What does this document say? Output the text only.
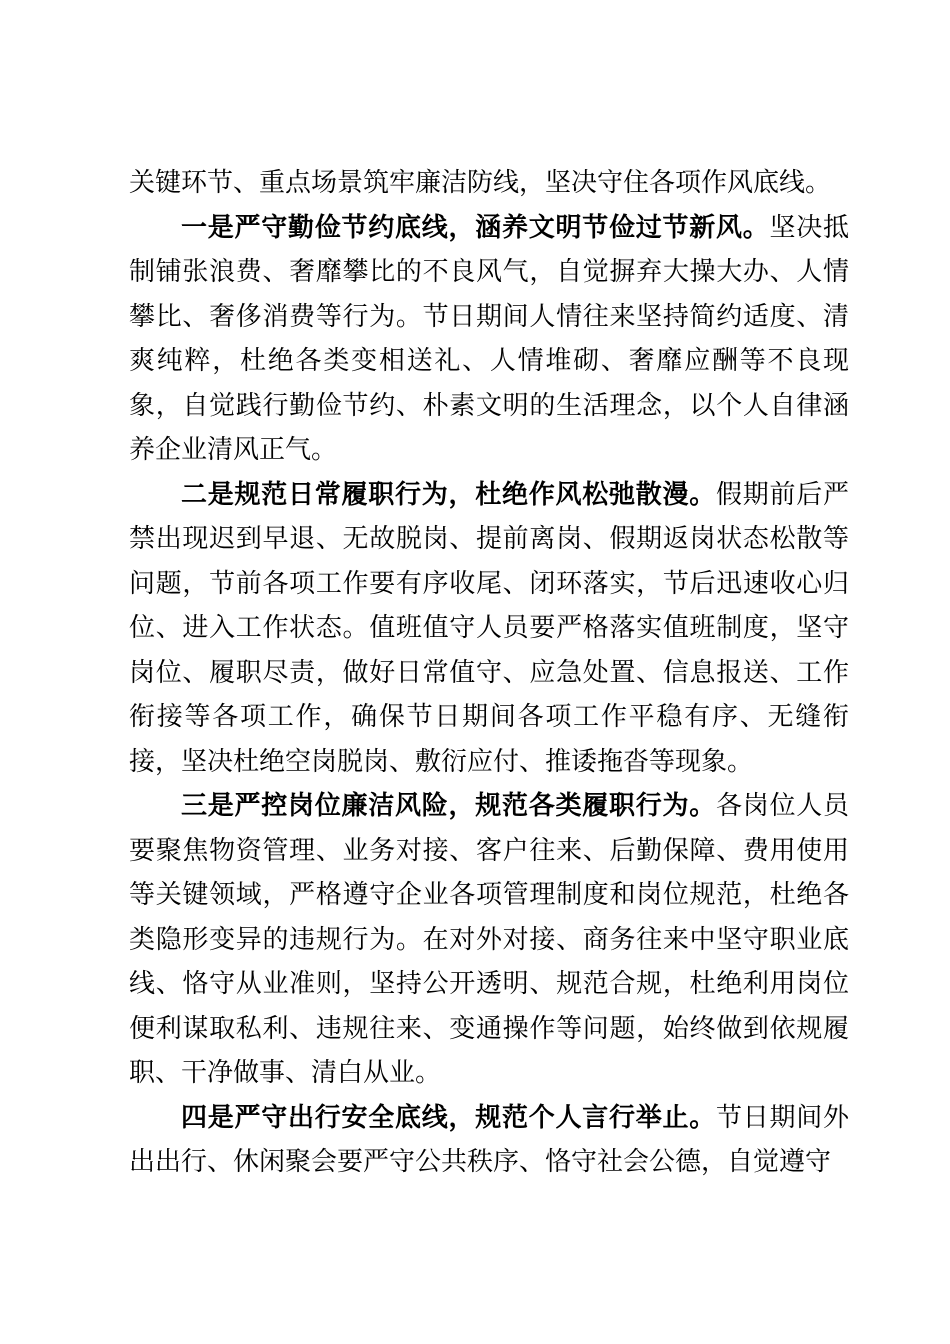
关键环节、重点场景筑牢廉洁防线，坚决守住各项作风底线。

一是严守勤俭节约底线，涵养文明节俭过节新风。坚决抵制铺张浪费、奢靡攀比的不良风气，自觉摒弃大操大办、人情攀比、奢侈消费等行为。节日期间人情往来坚持简约适度、清爽纯粹，杜绝各类变相送礼、人情堆砌、奢靡应酬等不良现象，自觉践行勤俭节约、朴素文明的生活理念，以个人自律涵养企业清风正气。

二是规范日常履职行为，杜绝作风松弛散漫。假期前后严禁出现迟到早退、无故脱岗、提前离岗、假期返岗状态松散等问题，节前各项工作要有序收尾、闭环落实，节后迅速收心归位、进入工作状态。值班值守人员要严格落实值班制度，坚守岗位、履职尽责，做好日常值守、应急处置、信息报送、工作衔接等各项工作，确保节日期间各项工作平稳有序、无缝衔接，坚决杜绝空岗脱岗、敷衍应付、推诿拖沓等现象。

三是严控岗位廉洁风险，规范各类履职行为。各岗位人员要聚焦物资管理、业务对接、客户往来、后勤保障、费用使用等关键领域，严格遵守企业各项管理制度和岗位规范，杜绝各类隐形变异的违规行为。在对外对接、商务往来中坚守职业底线、恪守从业准则，坚持公开透明、规范合规，杜绝利用岗位便利谋取私利、违规往来、变通操作等问题，始终做到依规履职、干净做事、清白从业。

四是严守出行安全底线，规范个人言行举止。节日期间外出出行、休闲聚会要严守公共秩序、恪守社会公德，自觉遵守
